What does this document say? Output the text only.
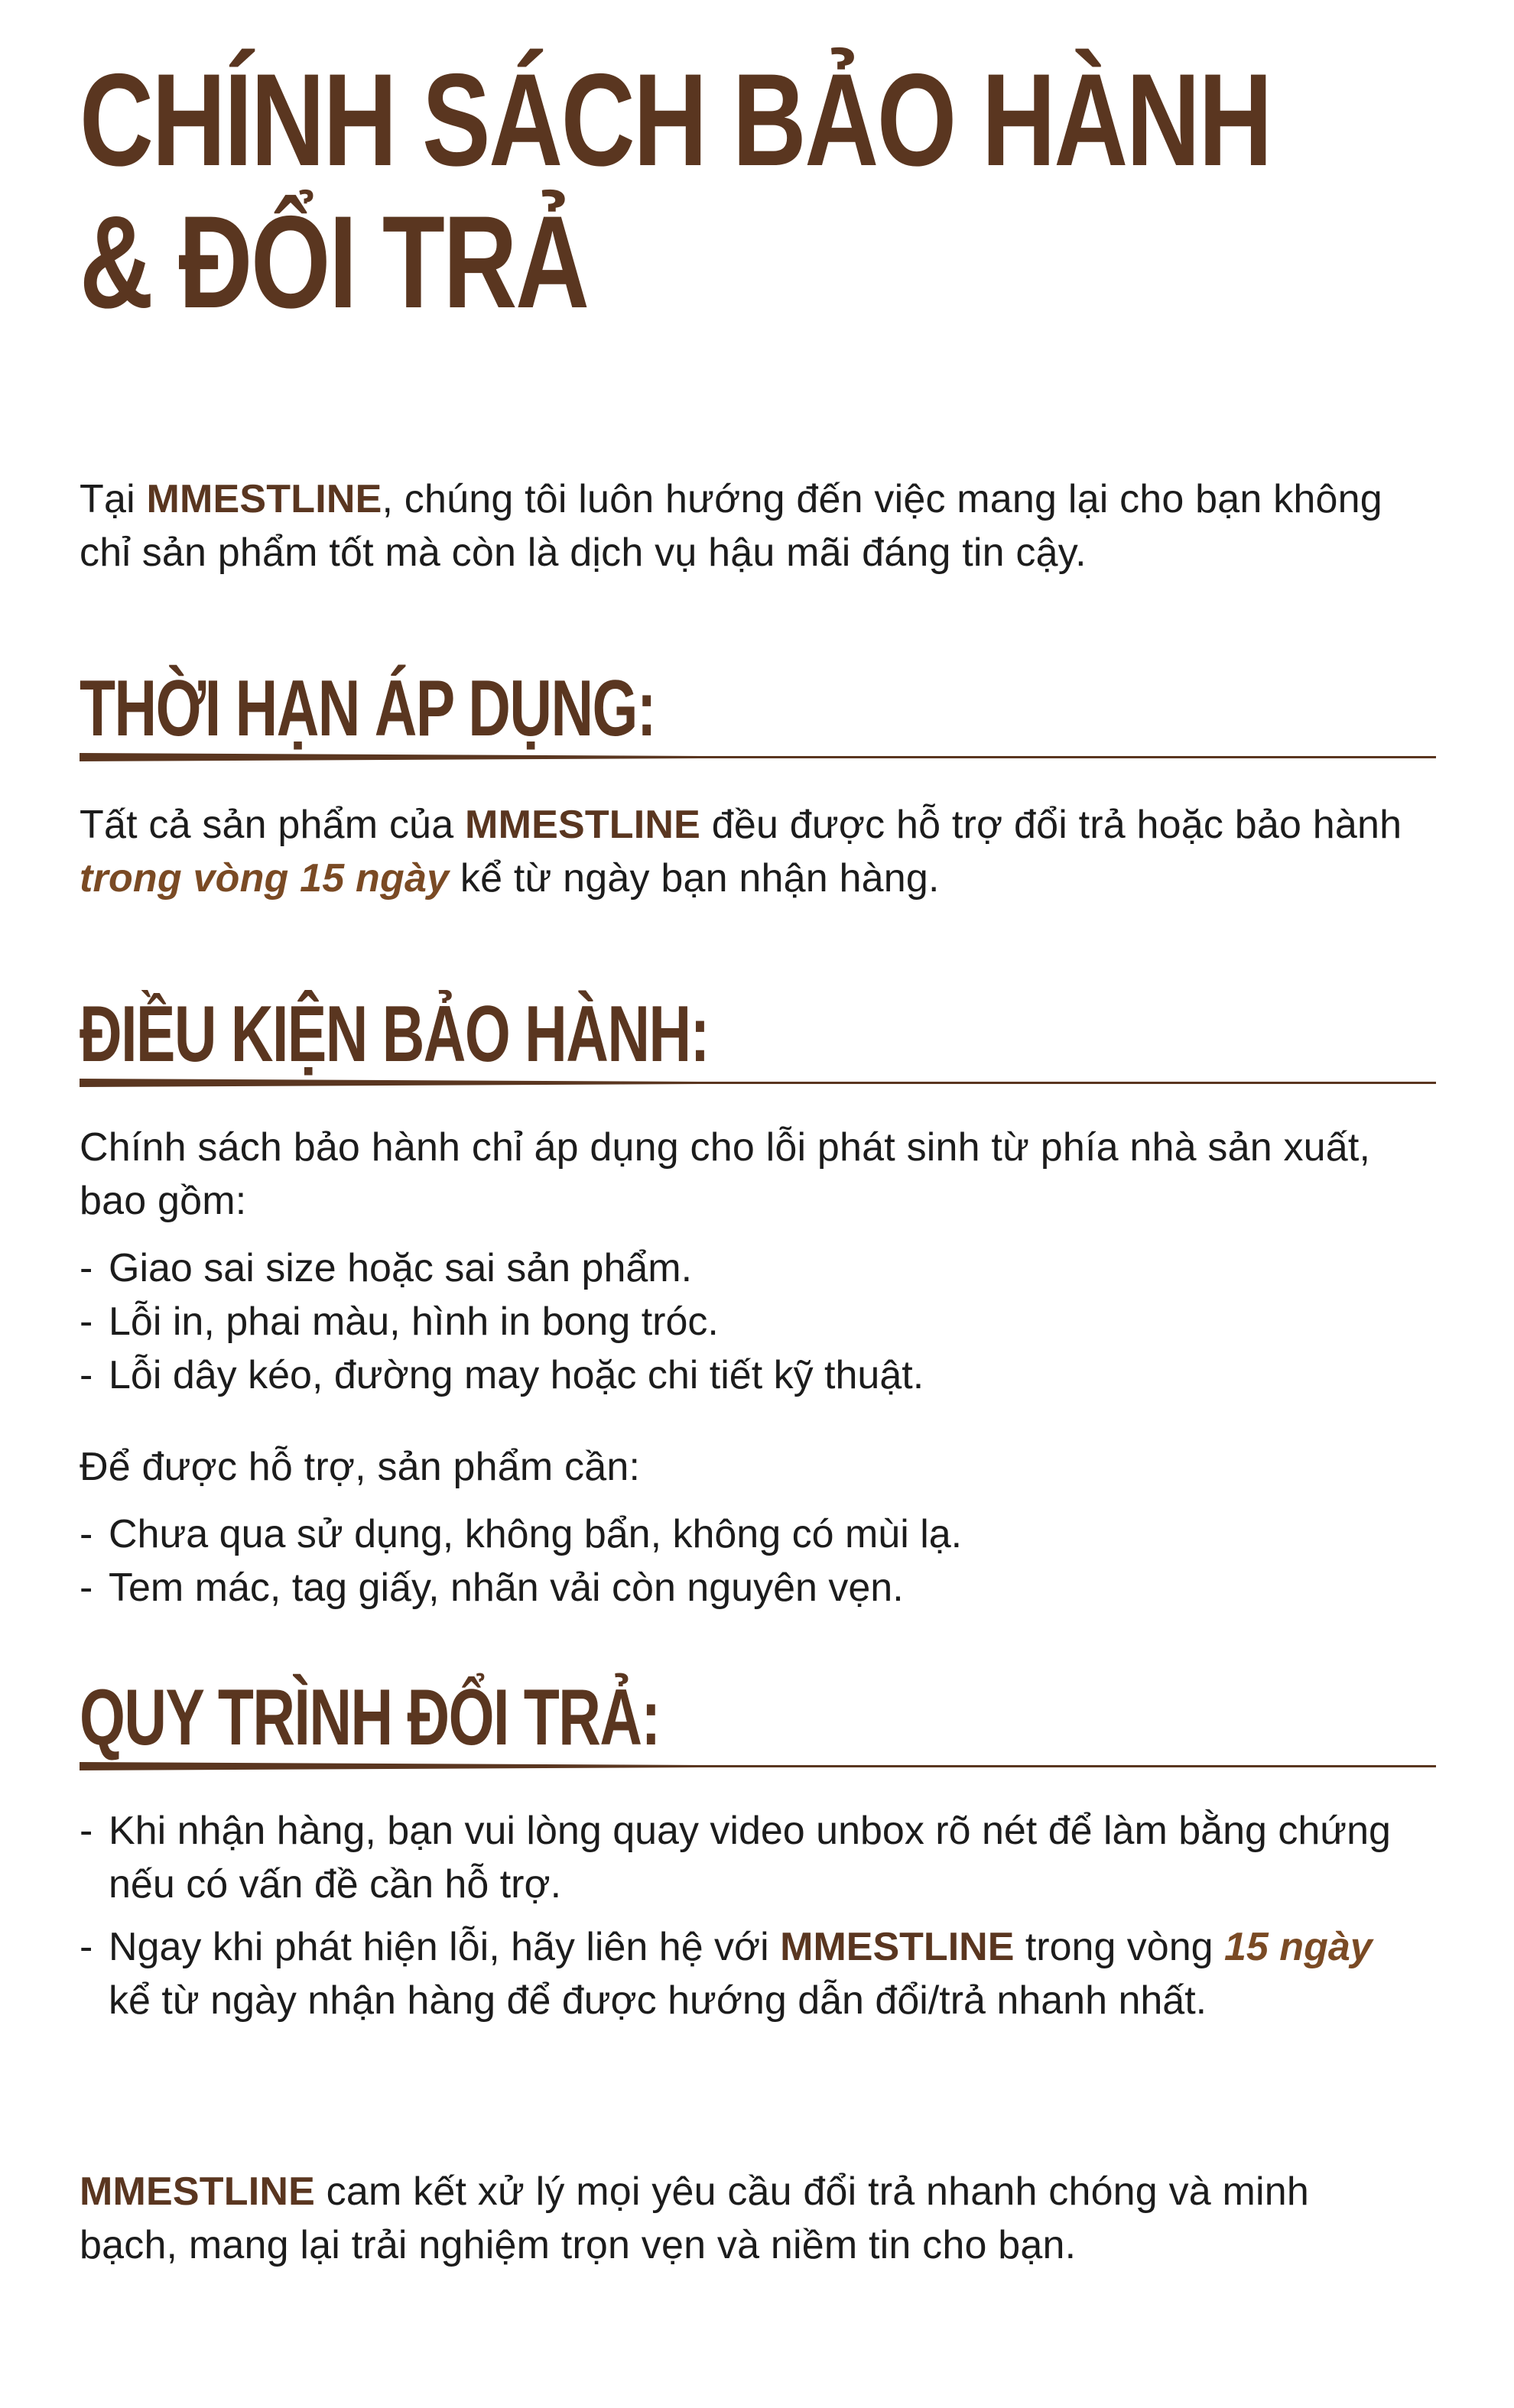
CHÍNH SÁCH BẢO HÀNH
& ĐỔI TRẢ

Tại MMESTLINE, chúng tôi luôn hướng đến việc mang lại cho bạn không chỉ sản phẩm tốt mà còn là dịch vụ hậu mãi đáng tin cậy.

THỜI HẠN ÁP DỤNG:

Tất cả sản phẩm của MMESTLINE đều được hỗ trợ đổi trả hoặc bảo hành trong vòng 15 ngày kể từ ngày bạn nhận hàng.

ĐIỀU KIỆN BẢO HÀNH:

Chính sách bảo hành chỉ áp dụng cho lỗi phát sinh từ phía nhà sản xuất, bao gồm:

- Giao sai size hoặc sai sản phẩm.
- Lỗi in, phai màu, hình in bong tróc.
- Lỗi dây kéo, đường may hoặc chi tiết kỹ thuật.

Để được hỗ trợ, sản phẩm cần:

- Chưa qua sử dụng, không bẩn, không có mùi lạ.
- Tem mác, tag giấy, nhãn vải còn nguyên vẹn.
QUY TRÌNH ĐỔI TRẢ:
- Khi nhận hàng, bạn vui lòng quay video unbox rõ nét để làm bằng chứng nếu có vấn đề cần hỗ trợ.
- Ngay khi phát hiện lỗi, hãy liên hệ với MMESTLINE trong vòng 15 ngày kể từ ngày nhận hàng để được hướng dẫn đổi/trả nhanh nhất.

MMESTLINE cam kết xử lý mọi yêu cầu đổi trả nhanh chóng và minh bạch, mang lại trải nghiệm trọn vẹn và niềm tin cho bạn.
